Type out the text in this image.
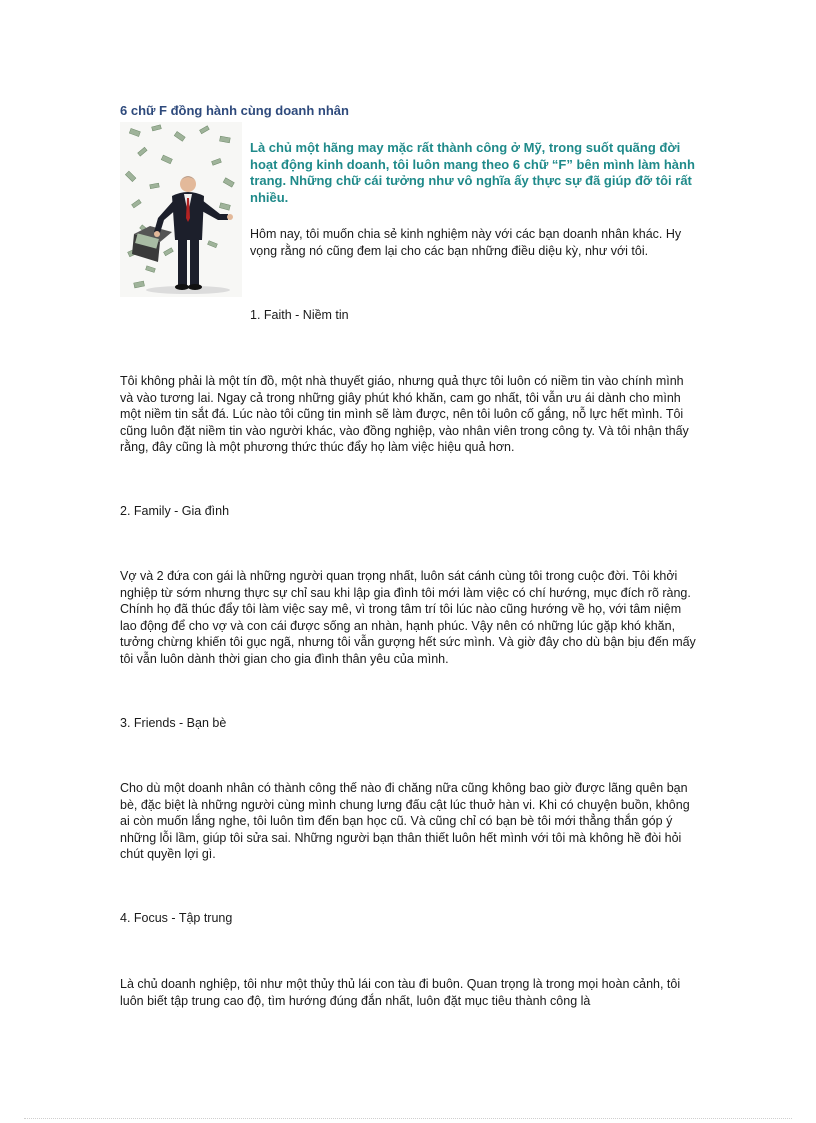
6 chữ F đồng hành cùng doanh nhân

Là chủ một hãng may mặc rất thành công ở Mỹ, trong suốt quãng đời hoạt động kinh doanh, tôi luôn mang theo 6 chữ “F” bên mình làm hành trang. Những chữ cái tưởng như vô nghĩa ấy thực sự đã giúp đỡ tôi rất nhiều.

Hôm nay, tôi muốn chia sẻ kinh nghiệm này với các bạn doanh nhân khác. Hy vọng rằng nó cũng đem lại cho các bạn những điều diệu kỳ, như với tôi.

1. Faith - Niềm tin

Tôi không phải là một tín đồ, một nhà thuyết giáo, nhưng quả thực tôi luôn có niềm tin vào chính mình và vào tương lai. Ngay cả trong những giây phút khó khăn, cam go nhất, tôi vẫn ưu ái dành cho mình một niềm tin sắt đá. Lúc nào tôi cũng tin mình sẽ làm được, nên tôi luôn cố gắng, nỗ lực hết mình. Tôi cũng luôn đặt niềm tin vào người khác, vào đồng nghiệp, vào nhân viên trong công ty. Và tôi nhận thấy rằng, đây cũng là một phương thức thúc đẩy họ làm việc hiệu quả hơn.

2. Family - Gia đình

Vợ và 2 đứa con gái là những người quan trọng nhất, luôn sát cánh cùng tôi trong cuộc đời. Tôi khởi nghiệp từ sớm nhưng thực sự chỉ sau khi lập gia đình tôi mới làm việc có chí hướng, mục đích rõ ràng. Chính họ đã thúc đẩy tôi làm việc say mê, vì trong tâm trí tôi lúc nào cũng hướng về họ, với tâm niệm lao động để cho vợ và con cái được sống an nhàn, hạnh phúc. Vậy nên có những lúc gặp khó khăn, tưởng chừng khiến tôi gục ngã, nhưng tôi vẫn gượng hết sức mình. Và giờ đây cho dù bận bịu đến mấy tôi vẫn luôn dành thời gian cho gia đình thân yêu của mình.

3. Friends - Bạn bè

Cho dù một doanh nhân có thành công thế nào đi chăng nữa cũng không bao giờ được lãng quên bạn bè, đặc biệt là những người cùng mình chung lưng đấu cật lúc thuở hàn vi. Khi có chuyện buồn, không ai còn muốn lắng nghe, tôi luôn tìm đến bạn học cũ. Và cũng chỉ có bạn bè tôi mới thẳng thắn góp ý những lỗi lầm, giúp tôi sửa sai. Những người bạn thân thiết luôn hết mình với tôi mà không hề đòi hỏi chút quyền lợi gì.

4. Focus - Tập trung

Là chủ doanh nghiệp, tôi như một thủy thủ lái con tàu đi buôn. Quan trọng là trong mọi hoàn cảnh, tôi luôn biết tập trung cao độ, tìm hướng đúng đắn nhất, luôn đặt mục tiêu thành công là
